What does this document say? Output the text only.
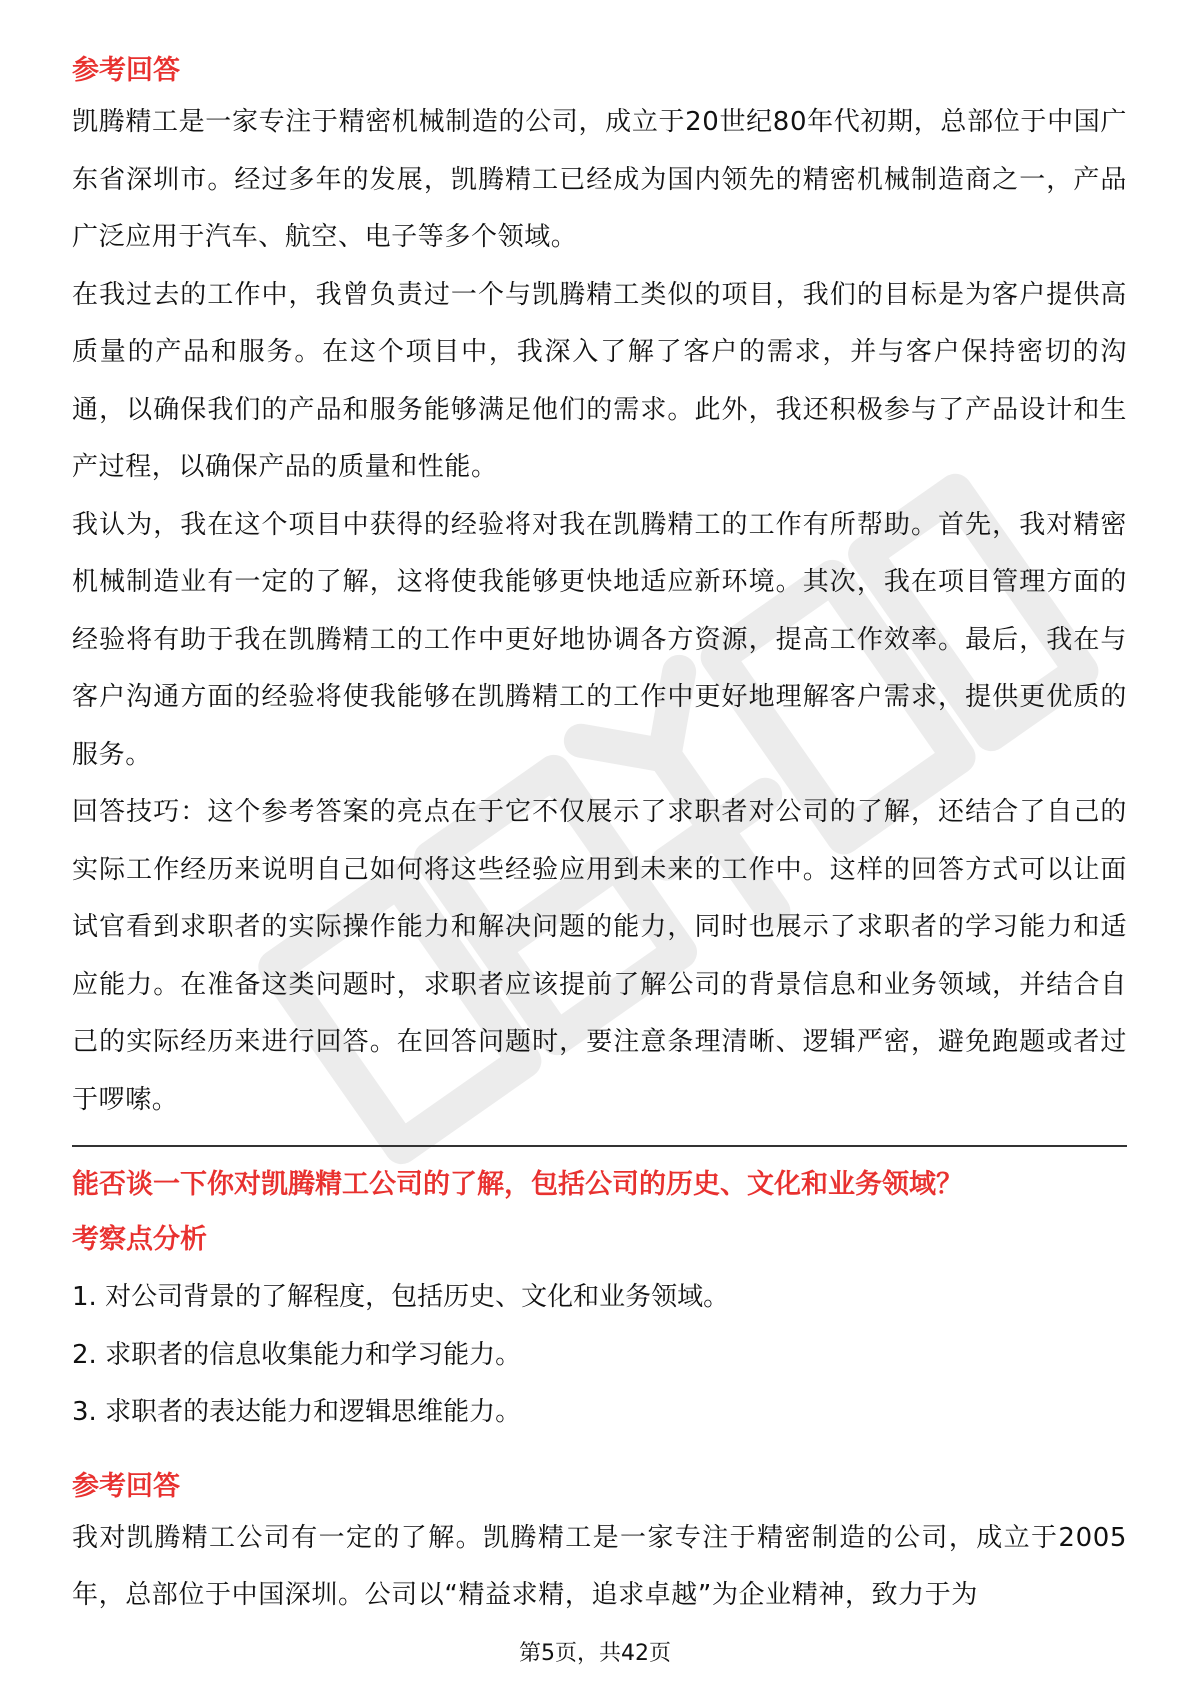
参考回答

凯腾精工是一家专注于精密机械制造的公司，成立于20世纪80年代初期，总部位于中国广东省深圳市。经过多年的发展，凯腾精工已经成为国内领先的精密机械制造商之一，产品广泛应用于汽车、航空、电子等多个领域。

在我过去的工作中，我曾负责过一个与凯腾精工类似的项目，我们的目标是为客户提供高质量的产品和服务。在这个项目中，我深入了解了客户的需求，并与客户保持密切的沟通，以确保我们的产品和服务能够满足他们的需求。此外，我还积极参与了产品设计和生产过程，以确保产品的质量和性能。

我认为，我在这个项目中获得的经验将对我在凯腾精工的工作有所帮助。首先，我对精密机械制造业有一定的了解，这将使我能够更快地适应新环境。其次，我在项目管理方面的经验将有助于我在凯腾精工的工作中更好地协调各方资源，提高工作效率。最后，我在与客户沟通方面的经验将使我能够在凯腾精工的工作中更好地理解客户需求，提供更优质的服务。

回答技巧：这个参考答案的亮点在于它不仅展示了求职者对公司的了解，还结合了自己的实际工作经历来说明自己如何将这些经验应用到未来的工作中。这样的回答方式可以让面试官看到求职者的实际操作能力和解决问题的能力，同时也展示了求职者的学习能力和适应能力。在准备这类问题时，求职者应该提前了解公司的背景信息和业务领域，并结合自己的实际经历来进行回答。在回答问题时，要注意条理清晰、逻辑严密，避免跑题或者过于啰嗦。

能否谈一下你对凯腾精工公司的了解，包括公司的历史、文化和业务领域？

考察点分析

1. 对公司背景的了解程度，包括历史、文化和业务领域。

2. 求职者的信息收集能力和学习能力。

3. 求职者的表达能力和逻辑思维能力。

参考回答

我对凯腾精工公司有一定的了解。凯腾精工是一家专注于精密制造的公司，成立于2005年，总部位于中国深圳。公司以“精益求精，追求卓越”为企业精神，致力于为

第5页，共42页
